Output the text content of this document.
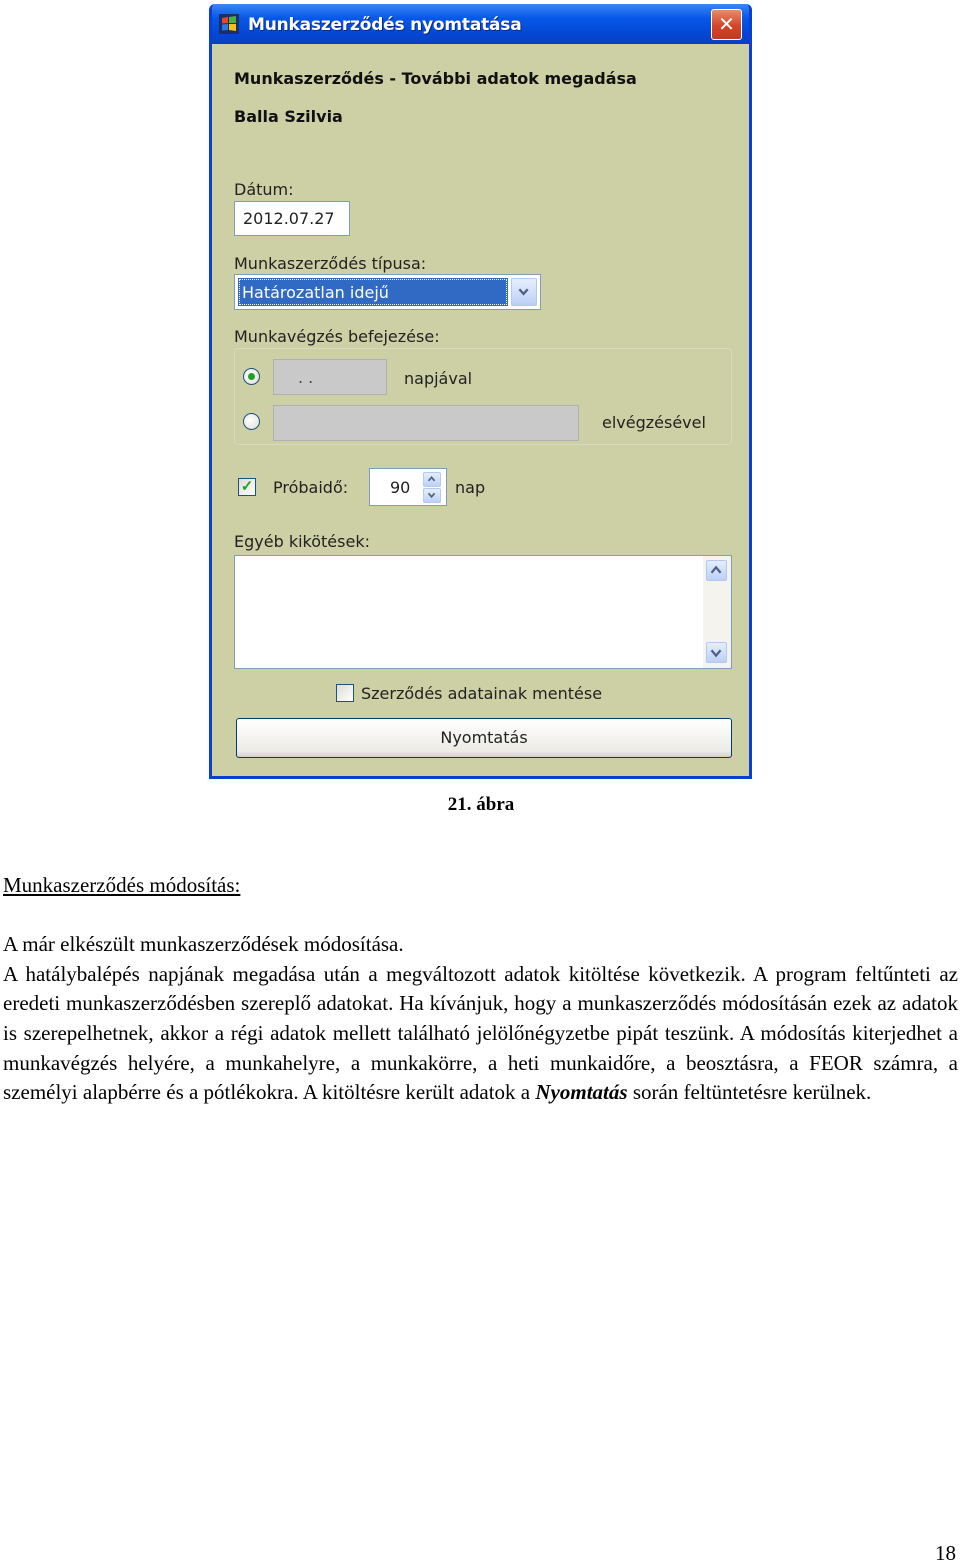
Munkaszerződés nyomtatása	✕
Munkaszerződés - További adatok megadása
Balla Szilvia
Dátum:
2012.07.27
Munkaszerződés típusa:
Határozatlan idejű
Munkavégzés befejezése:
. .	napjával
elvégzésével
✓ Próbaidő:	90	nap
Egyéb kikötések:
Szerződés adatainak mentése
Nyomtatás
21. ábra
Munkaszerződés módosítás:
A már elkészült munkaszerződések módosítása.
A hatálybalépés napjának megadása után a megváltozott adatok kitöltése következik. A program feltűnteti az eredeti munkaszerződésben szereplő adatokat. Ha kívánjuk, hogy a munkaszerződés módosításán ezek az adatok is szerepelhetnek, akkor a régi adatok mellett található jelölőnégyzetbe pipát teszünk. A módosítás kiterjedhet a munkavégzés helyére, a munkahelyre, a munkakörre, a heti munkaidőre, a beosztásra, a FEOR számra, a személyi alapbérre és a pótlékokra. A kitöltésre került adatok a Nyomtatás során feltüntetésre kerülnek.
18
